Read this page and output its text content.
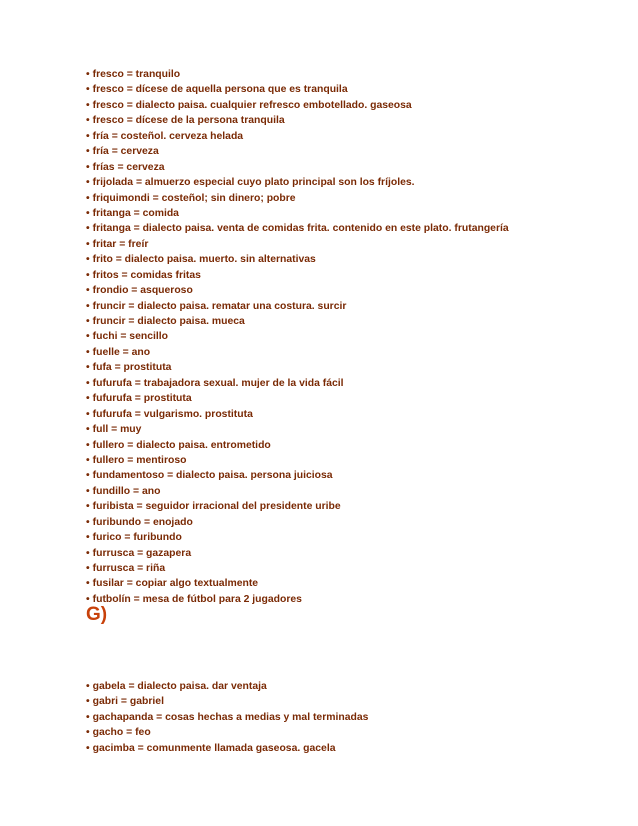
• fresco = tranquilo
• fresco = dícese de aquella persona que es tranquila
• fresco = dialecto paisa. cualquier refresco embotellado. gaseosa
• fresco = dícese de la persona tranquila
• fría = costeñol. cerveza helada
• fría = cerveza
• frías = cerveza
• frijolada = almuerzo especial cuyo plato principal son los fríjoles.
• friquimondi = costeñol; sin dinero; pobre
• fritanga = comida
• fritanga = dialecto paisa. venta de comidas frita. contenido en este plato. frutangería
• fritar = freír
• frito = dialecto paisa. muerto. sin alternativas
• fritos = comidas fritas
• frondio = asqueroso
• fruncir = dialecto paisa. rematar una costura. surcir
• fruncir = dialecto paisa. mueca
• fuchi = sencillo
• fuelle = ano
• fufa = prostituta
• fufurufa = trabajadora sexual. mujer de la vida fácil
• fufurufa = prostituta
• fufurufa = vulgarismo. prostituta
• full = muy
• fullero = dialecto paisa. entrometido
• fullero = mentiroso
• fundamentoso = dialecto paisa. persona juiciosa
• fundillo = ano
• furibista = seguidor irracional del presidente uribe
• furibundo = enojado
• furico = furibundo
• furrusca = gazapera
• furrusca = riña
• fusilar = copiar algo textualmente
• futbolín = mesa de fútbol para 2 jugadores
G)
• gabela = dialecto paisa. dar ventaja
• gabri = gabriel
• gachapanda = cosas hechas a medias y mal terminadas
• gacho = feo
• gacimba = comunmente llamada gaseosa. gacela
